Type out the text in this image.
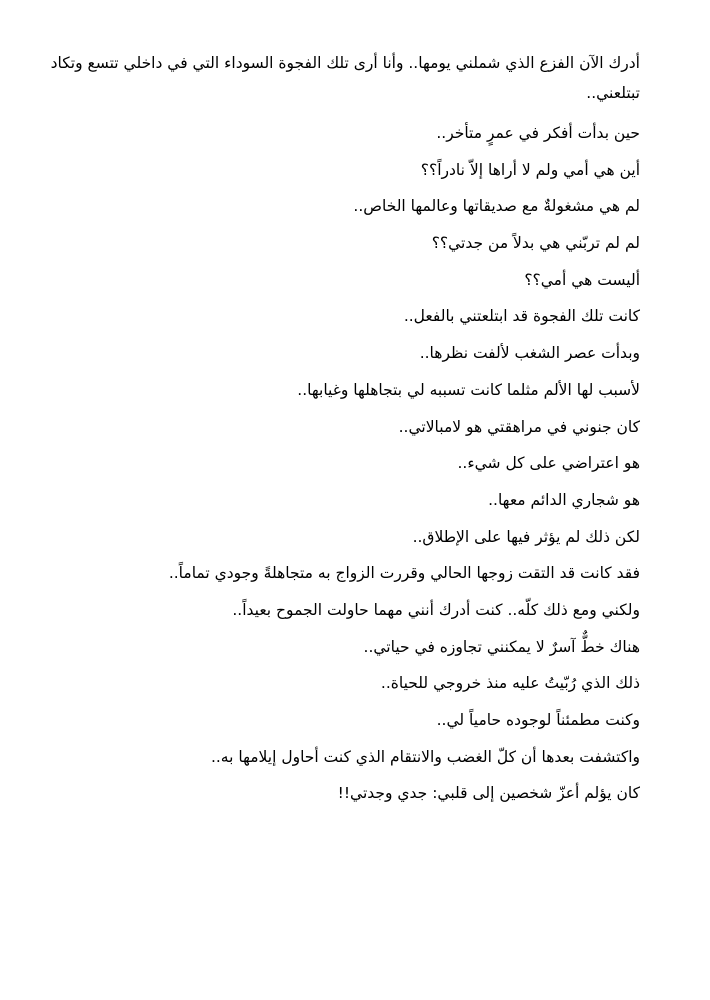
أدرك الآن الفزع الذي شملني يومها.. وأنا أرى تلك الفجوة السوداء التي في داخلي تتسع وتكاد تبتلعني..

حين بدأت أفكر في عمرٍ متأخر..
أين هي أمي ولم لا أراها إلاّ نادراً؟؟
لم هي مشغولةٌ مع صديقاتها وعالمها الخاص..
لم لم تربّني هي بدلاً من جدتي؟؟
أليست هي أمي؟؟
كانت تلك الفجوة قد ابتلعتني بالفعل..
وبدأت عصر الشغب لألفت نظرها..
لأسبب لها الألم مثلما كانت تسببه لي بتجاهلها وغيابها..
كان جنوني في مراهقتي هو لامبالاتي..
هو اعتراضي على كل شيء..
هو شجاري الدائم معها..
لكن ذلك لم يؤثر فيها على الإطلاق..
فقد كانت قد التقت زوجها الحالي وقررت الزواج به متجاهلةً وجودي تماماً..
ولكني ومع ذلك كلّه.. كنت أدرك أنني مهما حاولت الجموح بعيداً..
هناك خطٌّ آسرٌ لا يمكنني تجاوزه في حياتي..
ذلك الذي رُبّيتُ عليه منذ خروجي للحياة..
وكنت مطمئناً لوجوده حامياً لي..
واكتشفت بعدها أن كلّ الغضب والانتقام الذي كنت أحاول إيلامها به..
كان يؤلم أعزّ شخصين إلى قلبي: جدي وجدتي!!
